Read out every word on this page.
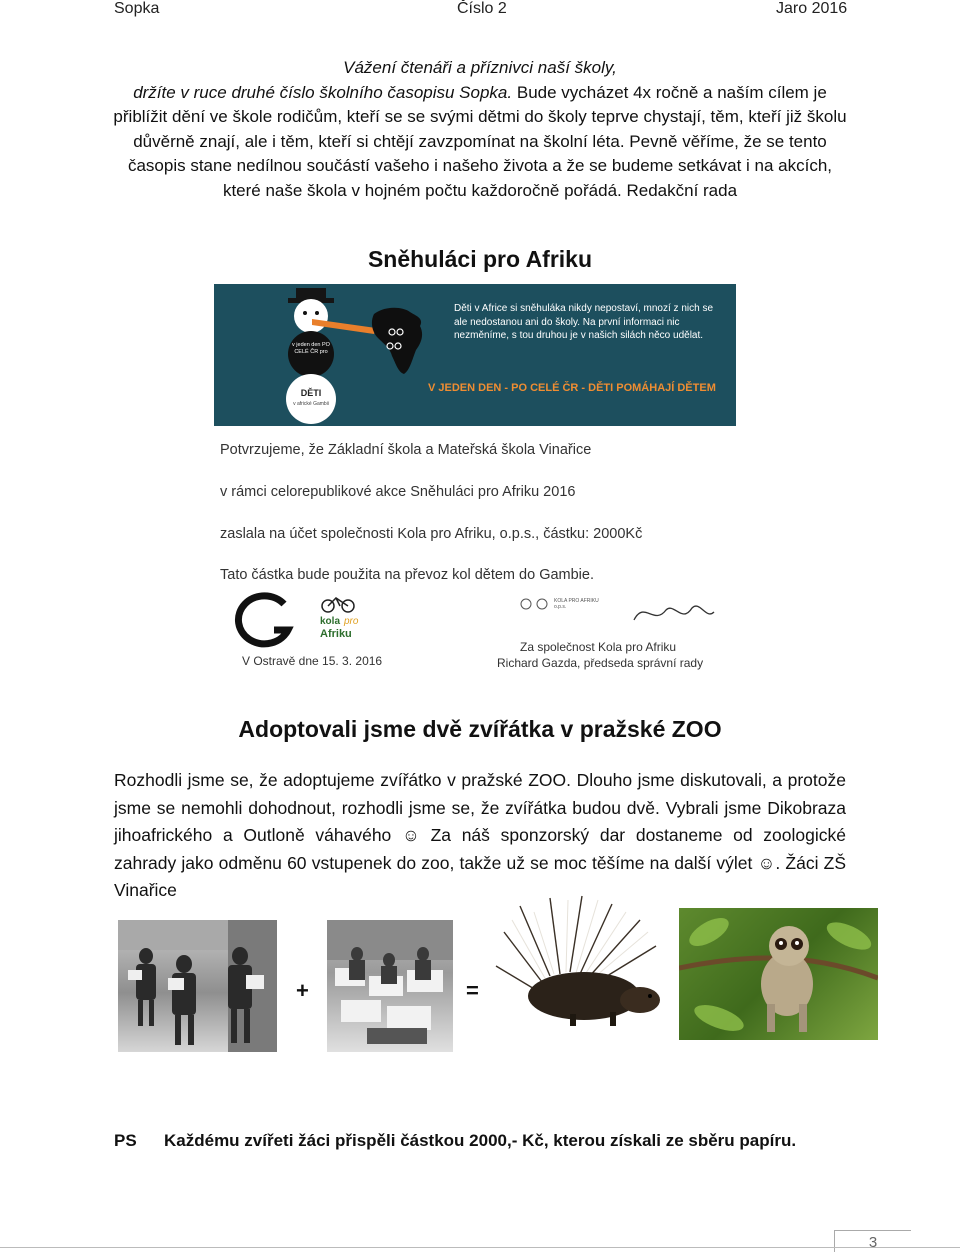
Sopka	Číslo 2	Jaro 2016
Vážení čtenáři a příznivci naší školy,
držíte v ruce druhé číslo školního časopisu Sopka. Bude vycházet 4x ročně a naším cílem je přiblížit dění ve škole rodičům, kteří se se svými dětmi do školy teprve chystají, těm, kteří již školu důvěrně znají, ale i těm, kteří si chtějí zavzpomínat na školní léta. Pevně věříme, že se tento časopis stane nedílnou součástí vašeho i našeho života a že se budeme setkávat i na akcích, které naše škola v hojném počtu každoročně pořádá. Redakční rada
Sněhuláci pro Afriku
v jeden den PO CELÉ ČR pro
DĚTI
v africké Gambii
Děti v Africe si sněhuláka nikdy nepostaví, mnozí z nich se ale nedostanou ani do školy. Na první informaci nic nezměníme, s tou druhou je v našich silách něco udělat.
V JEDEN DEN - PO CELÉ ČR - DĚTI POMÁHAJÍ DĚTEM
Potvrzujeme, že Základní škola a Mateřská škola Vinařice
v rámci celorepublikové akce Sněhuláci pro Afriku 2016
zaslala na účet společnosti Kola pro Afriku, o.p.s., částku: 2000Kč
Tato částka bude použita na převoz kol dětem do Gambie.
kola pro
Afriku
KOLA PRO AFRIKU o.p.s.
V Ostravě dne 15. 3. 2016
Za společnost Kola pro Afriku
Richard Gazda, předseda správní rady
Adoptovali jsme dvě zvířátka v pražské ZOO
Rozhodli jsme se, že adoptujeme zvířátko v pražské ZOO. Dlouho jsme diskutovali, a protože jsme se nemohli dohodnout, rozhodli jsme se, že zvířátka budou dvě. Vybrali jsme Dikobraza jihoafrického a Outloně váhavého ☺ Za náš sponzorský dar dostaneme od zoologické zahrady jako odměnu 60 vstupenek do zoo, takže už se moc těšíme na další výlet ☺. Žáci ZŠ Vinařice
+	=
PS Každému zvířeti žáci přispěli částkou 2000,- Kč, kterou získali ze sběru papíru.
3
